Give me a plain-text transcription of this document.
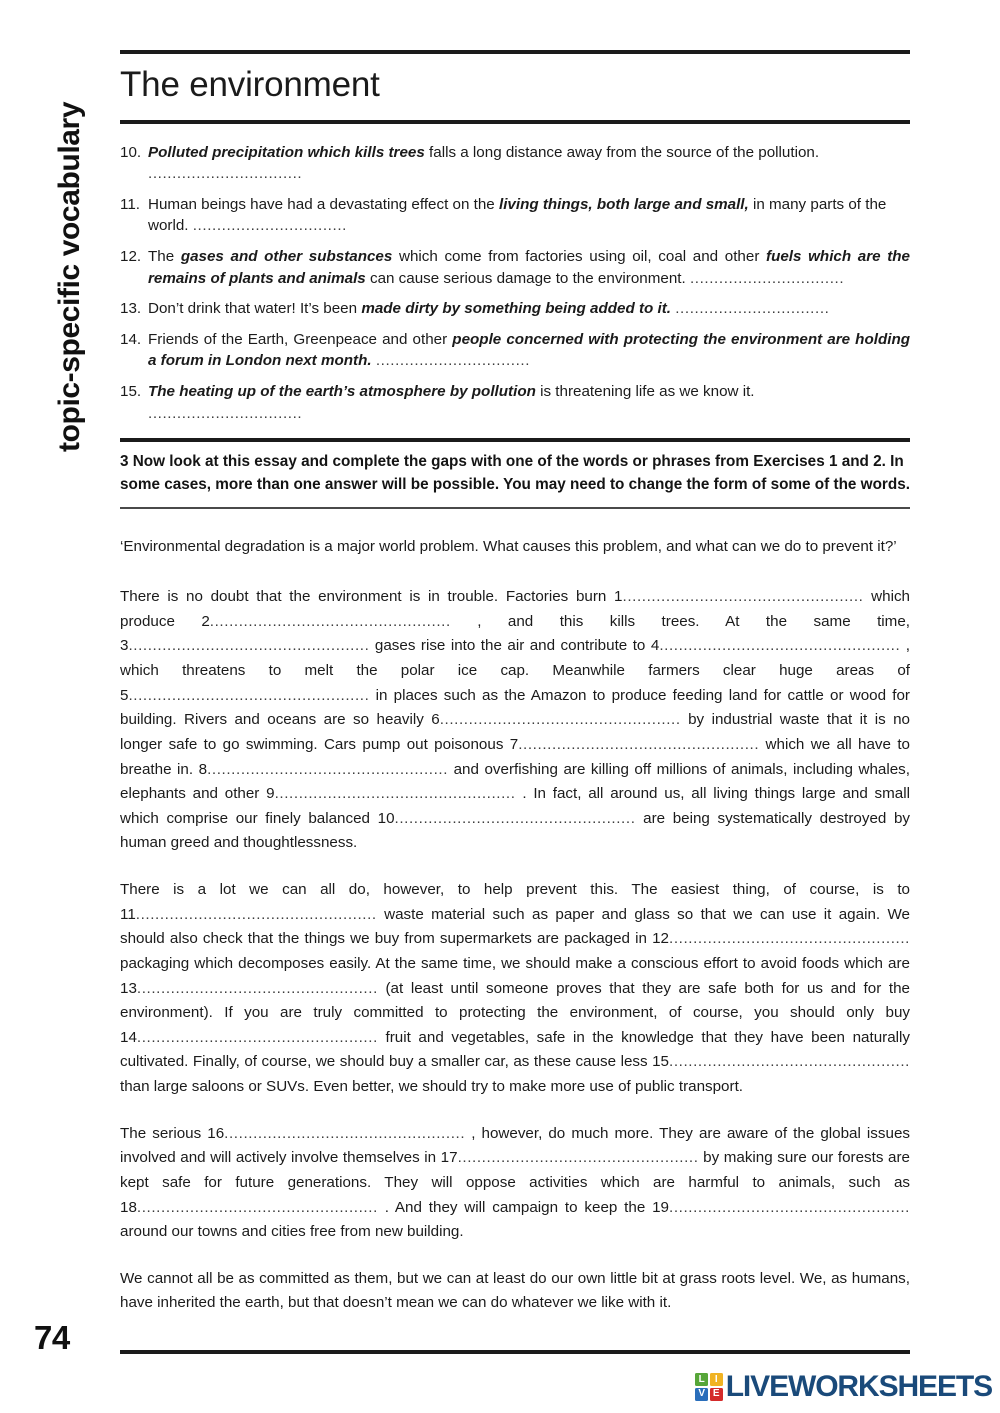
topic-specific vocabulary
74
The environment
10. Polluted precipitation which kills trees falls a long distance away from the source of the pollution.
................................
11. Human beings have had a devastating effect on the living things, both large and small, in many parts of the world. ................................
12. The gases and other substances which come from factories using oil, coal and other fuels which are the remains of plants and animals can cause serious damage to the environment. ................................
13. Don’t drink that water! It’s been made dirty by something being added to it. ................................
14. Friends of the Earth, Greenpeace and other people concerned with protecting the environment are holding a forum in London next month. ................................
15. The heating up of the earth’s atmosphere by pollution is threatening life as we know it.
................................
3 Now look at this essay and complete the gaps with one of the words or phrases from Exercises 1 and 2. In some cases, more than one answer will be possible. You may need to change the form of some of the words.

‘Environmental degradation is a major world problem. What causes this problem, and what can we do to prevent it?’

There is no doubt that the environment is in trouble. Factories burn 1.................................................. which produce 2.................................................. , and this kills trees. At the same time, 3.................................................. gases rise into the air and contribute to 4.................................................. , which threatens to melt the polar ice cap. Meanwhile farmers clear huge areas of 5.................................................. in places such as the Amazon to produce feeding land for cattle or wood for building. Rivers and oceans are so heavily 6.................................................. by industrial waste that it is no longer safe to go swimming. Cars pump out poisonous 7.................................................. which we all have to breathe in. 8.................................................. and overfishing are killing off millions of animals, including whales, elephants and other 9.................................................. . In fact, all around us, all living things large and small which comprise our finely balanced 10.................................................. are being systematically destroyed by human greed and thoughtlessness.

There is a lot we can all do, however, to help prevent this. The easiest thing, of course, is to 11.................................................. waste material such as paper and glass so that we can use it again. We should also check that the things we buy from supermarkets are packaged in 12.................................................. packaging which decomposes easily. At the same time, we should make a conscious effort to avoid foods which are 13.................................................. (at least until someone proves that they are safe both for us and for the environment). If you are truly committed to protecting the environment, of course, you should only buy 14.................................................. fruit and vegetables, safe in the knowledge that they have been naturally cultivated. Finally, of course, we should buy a smaller car, as these cause less 15.................................................. than large saloons or SUVs. Even better, we should try to make more use of public transport.

The serious 16.................................................. , however, do much more. They are aware of the global issues involved and will actively involve themselves in 17.................................................. by making sure our forests are kept safe for future generations. They will oppose activities which are harmful to animals, such as 18.................................................. . And they will campaign to keep the 19.................................................. around our towns and cities free from new building.

We cannot all be as committed as them, but we can at least do our own little bit at grass roots level. We, as humans, have inherited the earth, but that doesn’t mean we can do whatever we like with it.

L	I
V E LIVEWORKSHEETS
